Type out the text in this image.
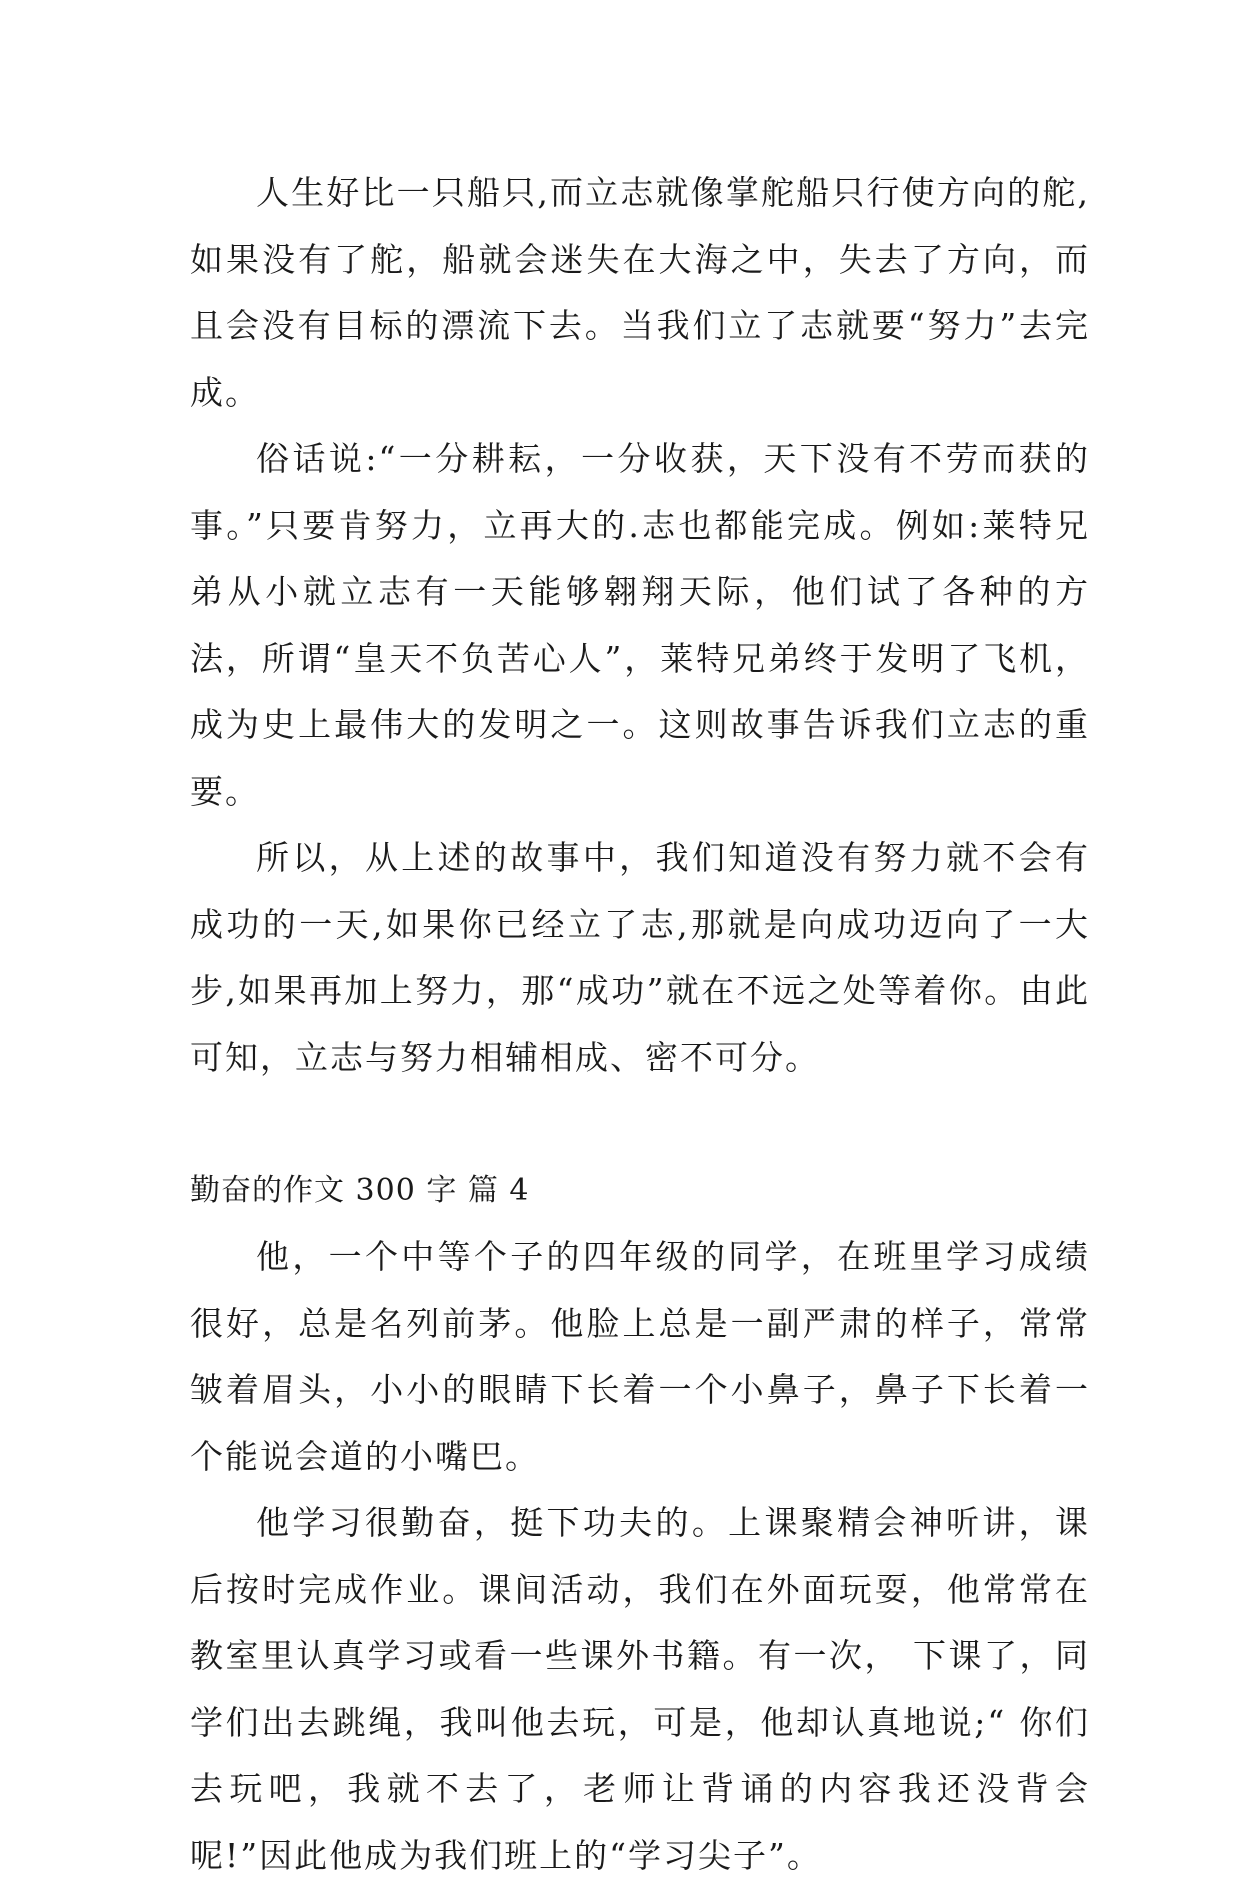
人生好比一只船只,而立志就像掌舵船只行使方向的舵,如果没有了舵，船就会迷失在大海之中，失去了方向，而且会没有目标的漂流下去。当我们立了志就要“努力”去完成。

俗话说:“一分耕耘，一分收获，天下没有不劳而获的事。”只要肯努力，立再大的.志也都能完成。例如:莱特兄弟从小就立志有一天能够翱翔天际，他们试了各种的方法，所谓“皇天不负苦心人”，莱特兄弟终于发明了飞机，成为史上最伟大的发明之一。这则故事告诉我们立志的重要。

所以，从上述的故事中，我们知道没有努力就不会有成功的一天,如果你已经立了志,那就是向成功迈向了一大步,如果再加上努力，那“成功”就在不远之处等着你。由此可知，立志与努力相辅相成、密不可分。

勤奋的作文 300 字 篇 4

他，一个中等个子的四年级的同学，在班里学习成绩很好，总是名列前茅。他脸上总是一副严肃的样子，常常皱着眉头，小小的眼睛下长着一个小鼻子，鼻子下长着一个能说会道的小嘴巴。

他学习很勤奋，挺下功夫的。上课聚精会神听讲，课后按时完成作业。课间活动，我们在外面玩耍，他常常在教室里认真学习或看一些课外书籍。有一次， 下课了，同学们出去跳绳，我叫他去玩，可是，他却认真地说;“ 你们去玩吧，我就不去了，老师让背诵的内容我还没背会呢!”因此他成为我们班上的“学习尖子”。
